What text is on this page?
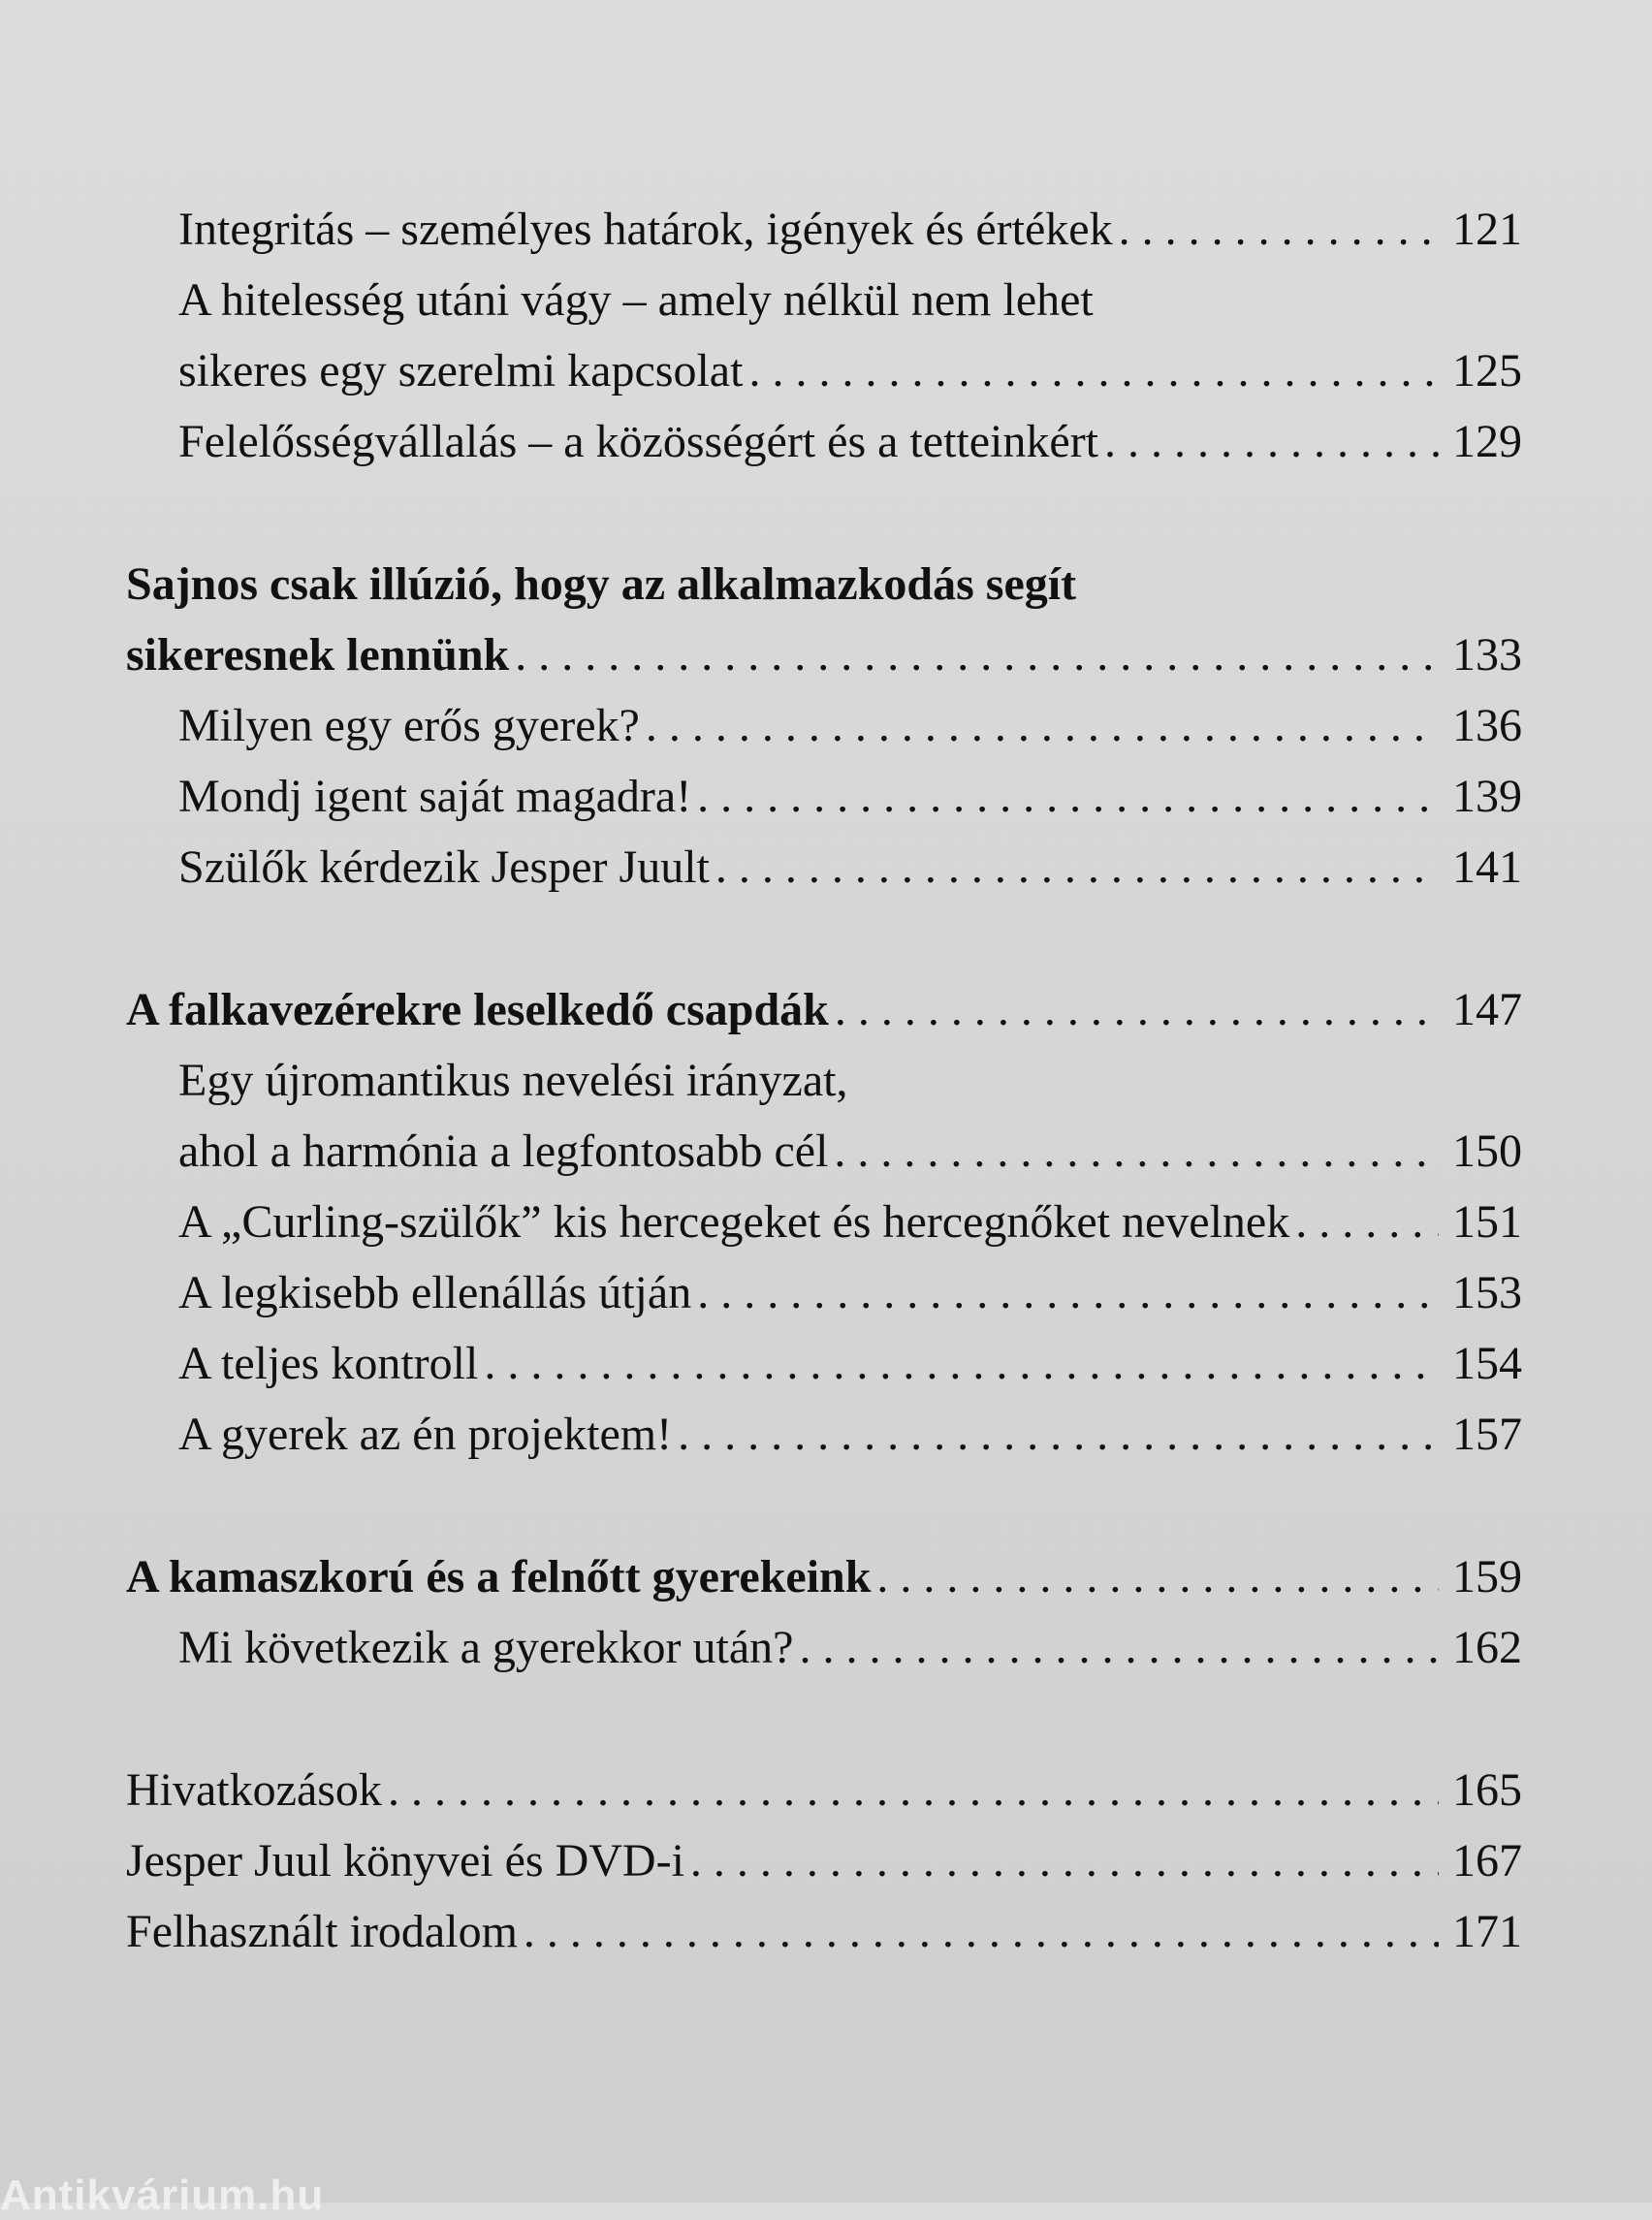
Integritás – személyes határok, igények és értékek . . .	121
A hitelesség utáni vágy – amely nélkül nem lehet
sikeres egy szerelmi kapcsolat . . .	125
Felelősségvállalás – a közösségért és a tetteinkért . . .	129
Sajnos csak illúzió, hogy az alkalmazkodás segít
sikeresnek lennünk . . .	133
Milyen egy erős gyerek? . . .	136
Mondj igent saját magadra! . . .	139
Szülők kérdezik Jesper Juult . . .	141
A falkavezérekre leselkedő csapdák . . .	147
Egy újromantikus nevelési irányzat,
ahol a harmónia a legfontosabb cél . . .	150
A „Curling-szülők” kis hercegeket és hercegnőket nevelnek . . .	151
A legkisebb ellenállás útján . . .	153
A teljes kontroll . . .	154
A gyerek az én projektem! . . .	157
A kamaszkorú és a felnőtt gyerekeink . . .	159
Mi következik a gyerekkor után? . . .	162
Hivatkozások . . .	165
Jesper Juul könyvei és DVD-i . . .	167
Felhasznált irodalom . . .	171
Antikvárium.hu
